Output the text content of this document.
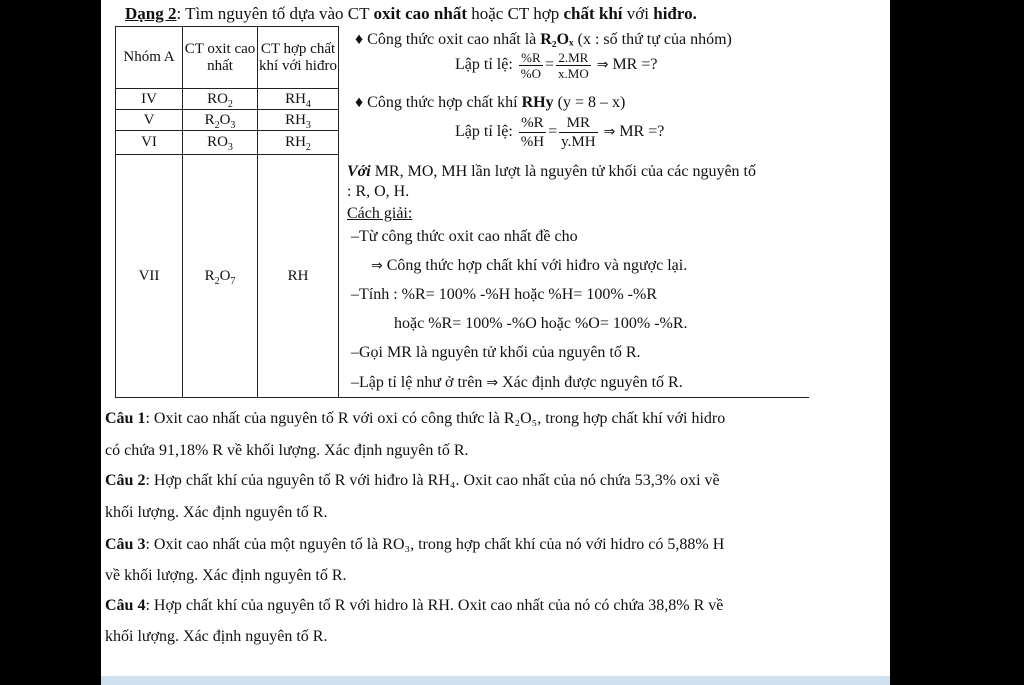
Dạng 2: Tìm nguyên tố dựa vào CT oxit cao nhất hoặc CT hợp chất khí với hiđro.
Nhóm A	CT oxit cao nhất	CT hợp chất khí với hiđro	
IV	$RO_2$	$RH_4$
V	$R_2O_3$	$RH_3$
VI	$RO_3$	$RH_2$
VII	$R_2O_7$	RH	
♦ Công thức oxit cao nhất là R₂Oₓ (x : số thứ tự của nhóm)
Lập tỉ lệ: $\frac{\%R}{\%O} = \frac{2.MR}{x.MO}$ ⇒ MR =?
♦ Công thức hợp chất khí RHy (y = 8 – x)
Lập tỉ lệ: $\frac{\%R}{\%H} = \frac{MR}{y.MH}$ ⇒ MR =?
Với MR, MO, MH lần lượt là nguyên tử khối của các nguyên tố
: R, O, H.
Cách giải:
–Từ công thức oxit cao nhất đề cho
⇒ Công thức hợp chất khí với hiđro và ngược lại.
–Tính : %R= 100% -%H hoặc %H= 100% -%R
hoặc %R= 100% -%O hoặc %O= 100% -%R.
–Gọi MR là nguyên tử khối của nguyên tố R.
–Lập tỉ lệ như ở trên ⇒ Xác định được nguyên tố R.
Câu 1: Oxit cao nhất của nguyên tố R với oxi có công thức là R₂O₅, trong hợp chất khí với hidro
có chứa 91,18% R về khối lượng. Xác định nguyên tố R.
Câu 2: Hợp chất khí của nguyên tố R với hiđro là RH₄. Oxit cao nhất của nó chứa 53,3% oxi về
khối lượng. Xác định nguyên tố R.
Câu 3: Oxit cao nhất của một nguyên tố là RO₃, trong hợp chất khí của nó với hidro có 5,88% H
về khối lượng. Xác định nguyên tố R.
Câu 4: Hợp chất khí của nguyên tố R với hidro là RH. Oxit cao nhất của nó có chứa 38,8% R về
khối lượng. Xác định nguyên tố R.
